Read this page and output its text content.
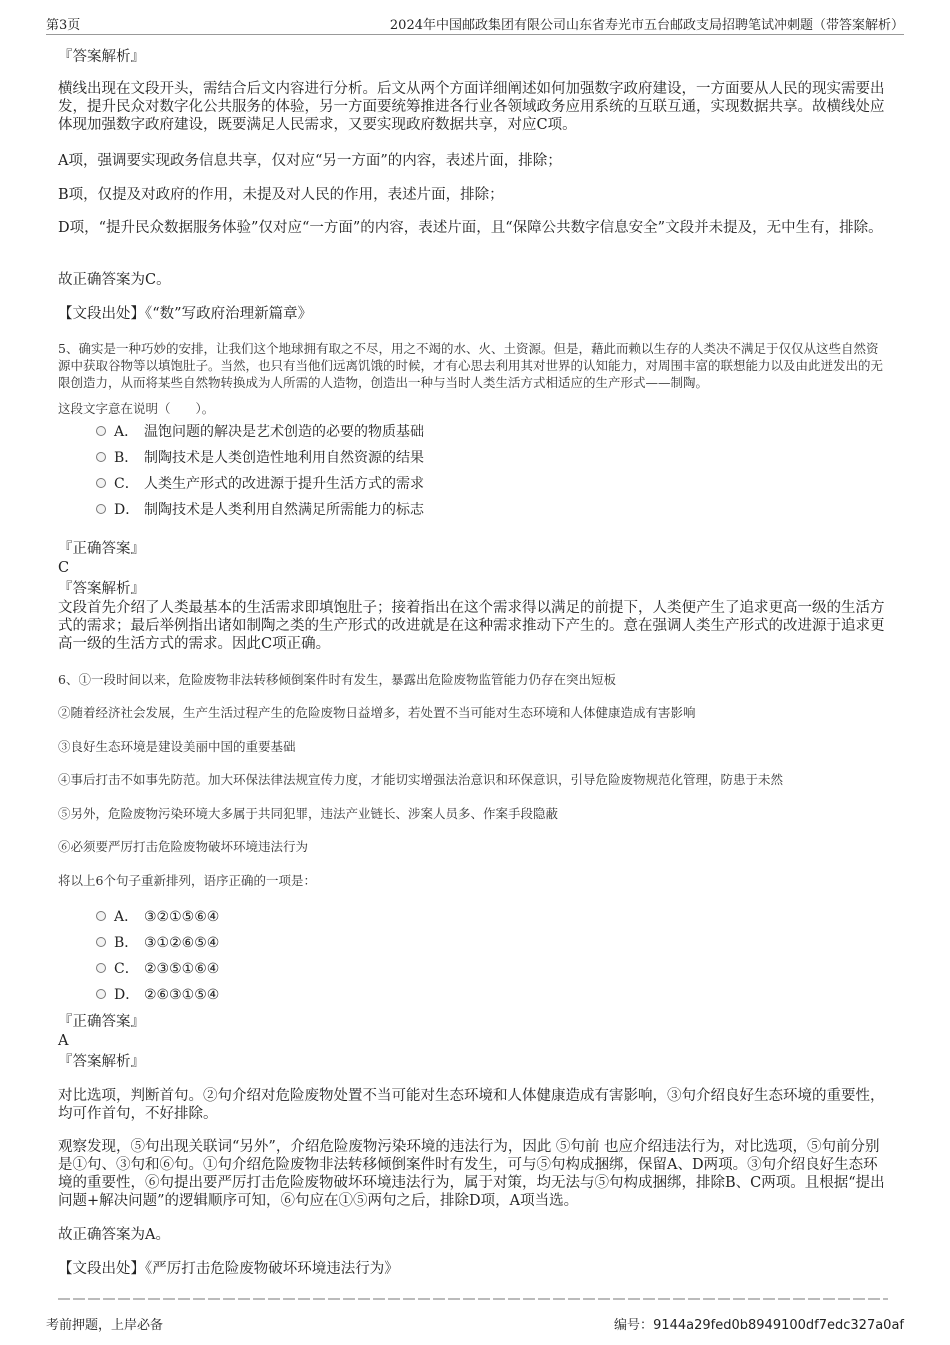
第3页	2024年中国邮政集团有限公司山东省寿光市五台邮政支局招聘笔试冲刺题（带答案解析）
『答案解析』
横线出现在文段开头，需结合后文内容进行分析。后文从两个方面详细阐述如何加强数字政府建设，一方面要从人民的现实需要出发，提升民众对数字化公共服务的体验，另一方面要统筹推进各行业各领域政务应用系统的互联互通，实现数据共享。故横线处应体现加强数字政府建设，既要满足人民需求，又要实现政府数据共享，对应C项。
A项，强调要实现政务信息共享，仅对应“另一方面”的内容，表述片面，排除；
B项，仅提及对政府的作用，未提及对人民的作用，表述片面，排除；
D项，“提升民众数据服务体验”仅对应“一方面”的内容，表述片面，且“保障公共数字信息安全”文段并未提及，无中生有，排除。
故正确答案为C。
【文段出处】《“数”写政府治理新篇章》
5、确实是一种巧妙的安排，让我们这个地球拥有取之不尽，用之不竭的水、火、土资源。但是，藉此而赖以生存的人类决不满足于仅仅从这些自然资源中获取谷物等以填饱肚子。当然，也只有当他们远离饥饿的时候，才有心思去利用其对世界的认知能力，对周围丰富的联想能力以及由此迸发出的无限创造力，从而将某些自然物转换成为人所需的人造物，创造出一种与当时人类生活方式相适应的生产形式——制陶。
这段文字意在说明（　　）。
A． 温饱问题的解决是艺术创造的必要的物质基础
B． 制陶技术是人类创造性地利用自然资源的结果
C． 人类生产形式的改进源于提升生活方式的需求
D． 制陶技术是人类利用自然满足所需能力的标志
『正确答案』
C
『答案解析』
文段首先介绍了人类最基本的生活需求即填饱肚子；接着指出在这个需求得以满足的前提下，人类便产生了追求更高一级的生活方式的需求；最后举例指出诸如制陶之类的生产形式的改进就是在这种需求推动下产生的。意在强调人类生产形式的改进源于追求更高一级的生活方式的需求。因此C项正确。
6、①一段时间以来，危险废物非法转移倾倒案件时有发生，暴露出危险废物监管能力仍存在突出短板
②随着经济社会发展，生产生活过程产生的危险废物日益增多，若处置不当可能对生态环境和人体健康造成有害影响
③良好生态环境是建设美丽中国的重要基础
④事后打击不如事先防范。加大环保法律法规宣传力度，才能切实增强法治意识和环保意识，引导危险废物规范化管理，防患于未然
⑤另外，危险废物污染环境大多属于共同犯罪，违法产业链长、涉案人员多、作案手段隐蔽
⑥必须要严厉打击危险废物破坏环境违法行为
将以上6个句子重新排列，语序正确的一项是：
A． ③②①⑤⑥④
B． ③①②⑥⑤④
C． ②③⑤①⑥④
D． ②⑥③①⑤④
『正确答案』
A
『答案解析』
对比选项，判断首句。②句介绍对危险废物处置不当可能对生态环境和人体健康造成有害影响，③句介绍良好生态环境的重要性，均可作首句，不好排除。
观察发现，⑤句出现关联词“另外”，介绍危险废物污染环境的违法行为，因此 ⑤句前 也应介绍违法行为，对比选项，⑤句前分别是①句、③句和⑥句。①句介绍危险废物非法转移倾倒案件时有发生，可与⑤句构成捆绑，保留A、D两项。③句介绍良好生态环境的重要性，⑥句提出要严厉打击危险废物破坏环境违法行为，属于对策，均无法与⑤句构成捆绑，排除B、C两项。且根据“提出问题+解决问题”的逻辑顺序可知，⑥句应在①⑤两句之后，排除D项，A项当选。
故正确答案为A。
【文段出处】《严厉打击危险废物破坏环境违法行为》
考前押题，上岸必备	编号：9144a29fed0b8949100df7edc327a0af
